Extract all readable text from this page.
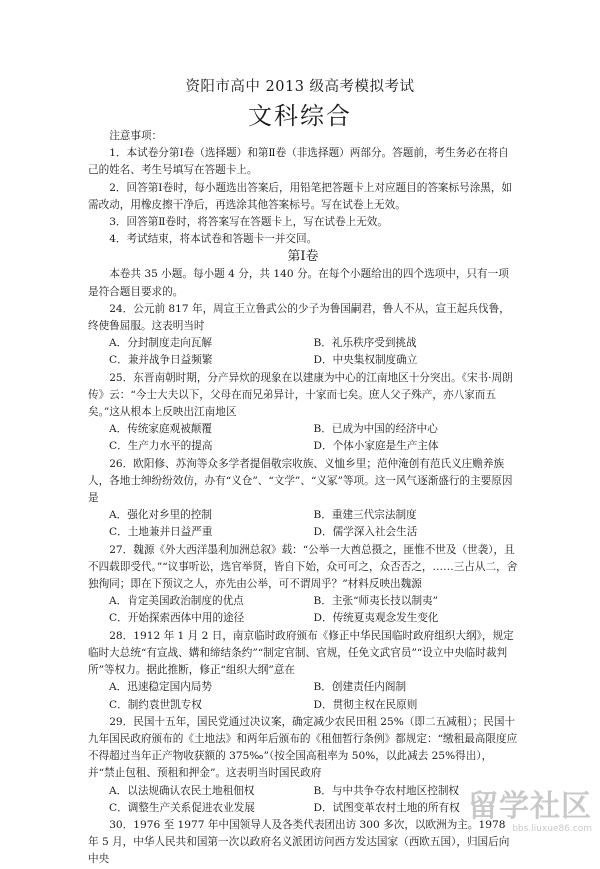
资阳市高中 2013 级高考模拟考试
文科综合

注意事项：

1．本试卷分第Ⅰ卷（选择题）和第Ⅱ卷（非选择题）两部分。答题前，考生务必在将自己的姓名、考生号填写在答题卡上。

2．回答第Ⅰ卷时，每小题选出答案后，用铅笔把答题卡上对应题目的答案标号涂黑，如需改动，用橡皮擦干净后，再选涂其他答案标号。写在试卷上无效。

3．回答第Ⅱ卷时，将答案写在答题卡上，写在试卷上无效。

4．考试结束，将本试卷和答题卡一并交回。

第Ⅰ卷

本卷共 35 小题。每小题 4 分，共 140 分。在每个小题给出的四个选项中，只有一项是符合题目要求的。

24．公元前 817 年，周宣王立鲁武公的少子为鲁国嗣君，鲁人不从，宣王起兵伐鲁，终使鲁屈服。这表明当时

A．分封制度走向瓦解	B．礼乐秩序受到挑战
C．兼并战争日益频繁	D．中央集权制度确立

25．东晋南朝时期，分产异炊的现象在以建康为中心的江南地区十分突出。《宋书·周朗传》云：“今士大夫以下，父母在而兄弟异计，十家而七矣。庶人父子殊产，亦八家而五矣。”这从根本上反映出江南地区

A．传统家庭观被颠覆	B．已成为中国的经济中心
C．生产力水平的提高	D．个体小家庭是生产主体

26．欧阳修、苏洵等众多学者提倡敬宗收族、义恤乡里；范仲淹创有范氏义庄赡养族人，各地士绅纷纷效仿，办有“义仓”、“文学”、“义冢”等项。这一风气逐渐盛行的主要原因是

A．强化对乡里的控制	B．重建三代宗法制度
C．土地兼并日益严重	D．儒学深入社会生活

27．魏源《外大西洋墨利加洲总叙》载：“公举一大酋总摄之，匪惟不世及（世袭），且不四载即受代。”“议事听讼，选官举贤，皆自下始，众可可之，众否否之，……三占从二，舍独徇同；即在下预议之人，亦先由公举，可不谓周乎？”材料反映出魏源

A．肯定美国政治制度的优点	B．主张“师夷长技以制夷”
C．开始探索西体中用的途径	D．传统夏夷观念发生变化

28．1912 年 1 月 2 日，南京临时政府颁布《修正中华民国临时政府组织大纲》，规定临时大总统“有宣战、媾和缔结条约”“制定官制、官规，任免文武官员”“设立中央临时裁判所”等权力。据此推断，修正“组织大纲”意在

A．迅速稳定国内局势	B．创建责任内阁制
C．制约袁世凯专权	D．贯彻主权在民原则

29．民国十五年，国民党通过决议案，确定减少农民田租 25%（即二五减租）；民国十九年国民政府颁布的《土地法》和两年后颁布的《租佃暂行条例》都规定：“缴租最高限度应不得超过当年正产物收获额的 375‰”（按全国高租率为 50%，以此减去 25%得出），并“禁止包租、预租和押金”。这表明当时国民政府

A．以法规确认农民土地租佃权	B．与中共争夺农村地区控制权
C．调整生产关系促进农业发展	D．试图变革农村土地的所有权

30．1976 至 1977 年中国领导人及各类代表团出访 300 多次，以欧洲为主。1978 年 5 月，中华人民共和国第一次以政府名义派团访问西方发达国家（西欧五国），归国后向中央

留学社区
bbs.liuxue86.com
